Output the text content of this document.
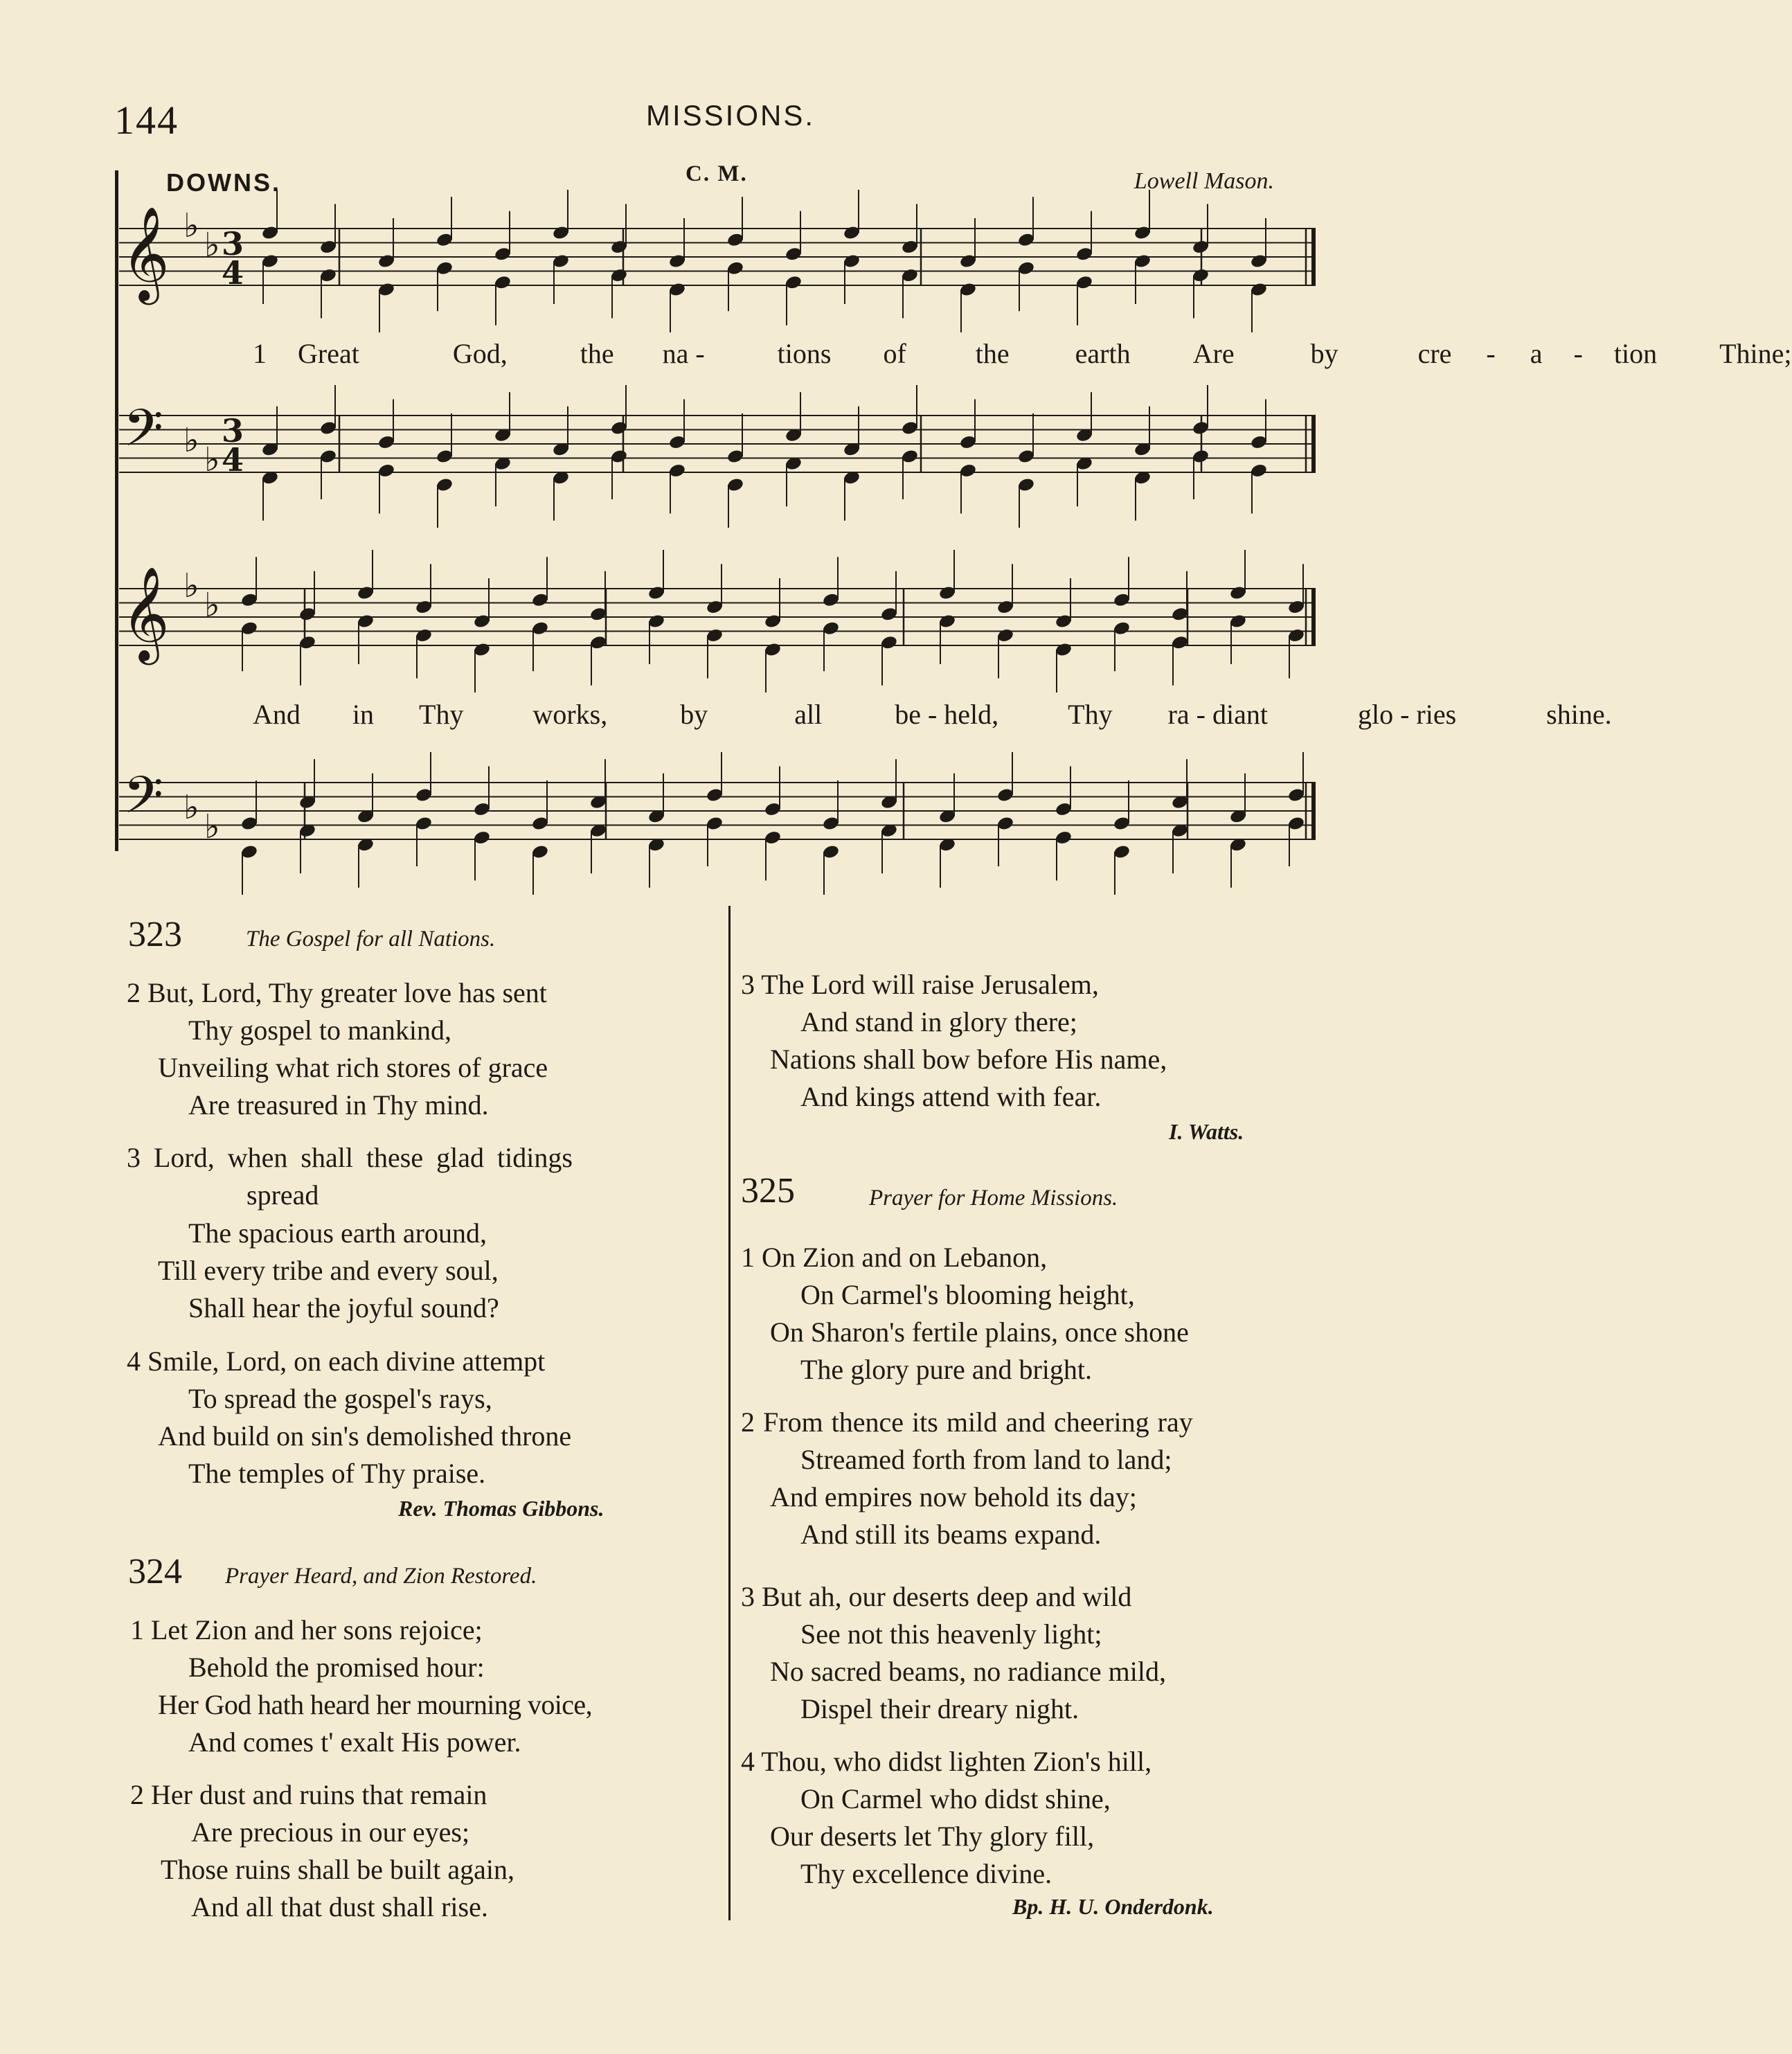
144	MISSIONS.
DOWNS.	C. M.	Lowell Mason.
𝄞 ♭ ♭ 3
4
𝄢 ♭ ♭
3
4
𝄞 ♭ ♭
𝄢 ♭ ♭
1 Great	God,	the na -	tions of	the earth Are	by	cre - a - tion Thine;
And in Thy	works,	by	all	be - held,	Thy ra - diant	glo - ries	shine.
323	The Gospel for all Nations.
2 But, Lord, Thy greater love has sent
Thy gospel to mankind,
Unveiling what rich stores of grace
Are treasured in Thy mind.
3 Lord, when shall these glad tidings
spread
The spacious earth around,
Till every tribe and every soul,
Shall hear the joyful sound?
4 Smile, Lord, on each divine attempt
To spread the gospel's rays,
And build on sin's demolished throne
The temples of Thy praise.
Rev. Thomas Gibbons.
324 Prayer Heard, and Zion Restored.
1 Let Zion and her sons rejoice;
Behold the promised hour:
Her God hath heard her mourning voice,
And comes t' exalt His power.
2 Her dust and ruins that remain
Are precious in our eyes;
Those ruins shall be built again,
And all that dust shall rise.
3 The Lord will raise Jerusalem,
And stand in glory there;
Nations shall bow before His name,
And kings attend with fear.
I. Watts.
325	Prayer for Home Missions.
1 On Zion and on Lebanon,
On Carmel's blooming height,
On Sharon's fertile plains, once shone
The glory pure and bright.
2 From thence its mild and cheering ray
Streamed forth from land to land;
And empires now behold its day;
And still its beams expand.
3 But ah, our deserts deep and wild
See not this heavenly light;
No sacred beams, no radiance mild,
Dispel their dreary night.
4 Thou, who didst lighten Zion's hill,
On Carmel who didst shine,
Our deserts let Thy glory fill,
Thy excellence divine.
Bp. H. U. Onderdonk.
